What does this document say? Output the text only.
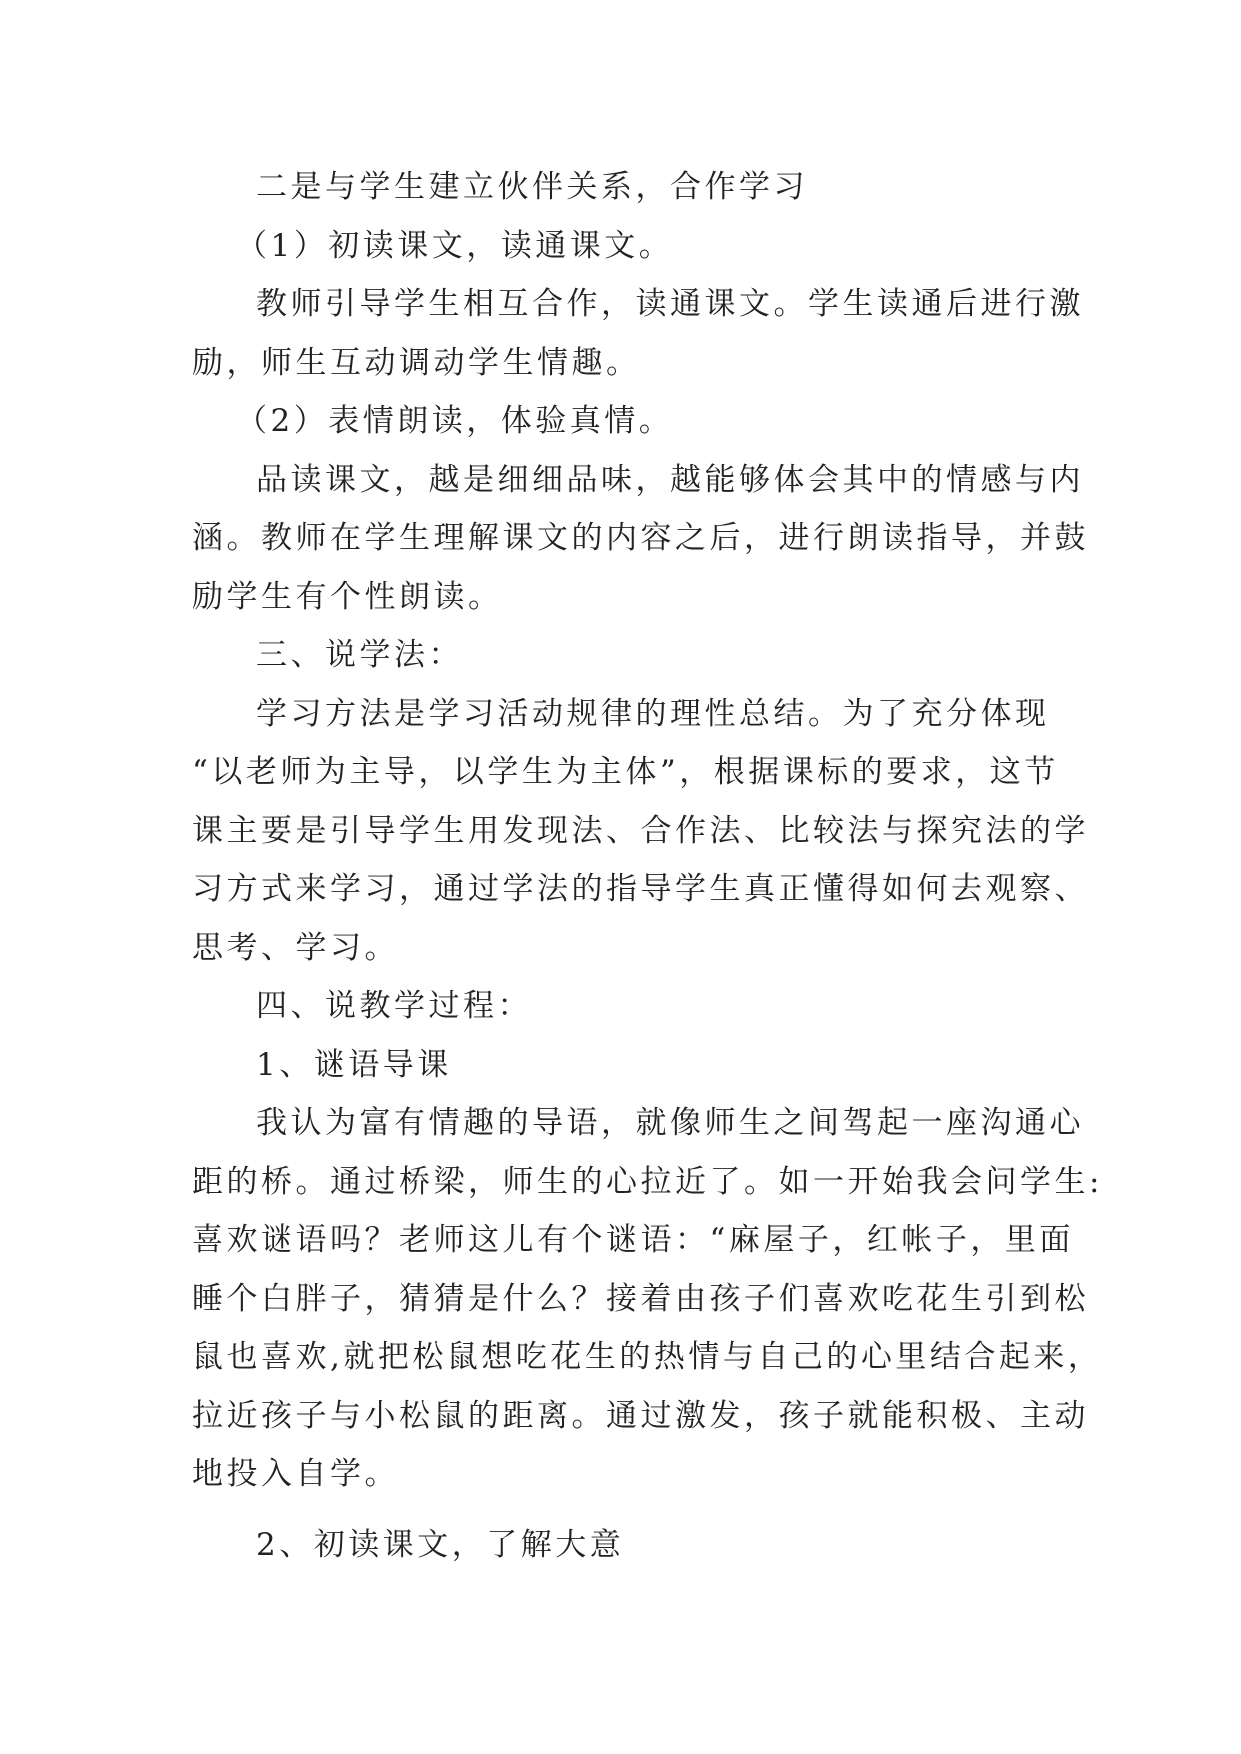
二是与学生建立伙伴关系，合作学习

（1）初读课文，读通课文。

教师引导学生相互合作，读通课文。学生读通后进行激
励，师生互动调动学生情趣。

（2）表情朗读，体验真情。

品读课文，越是细细品味，越能够体会其中的情感与内
涵。教师在学生理解课文的内容之后，进行朗读指导，并鼓
励学生有个性朗读。

三、说学法：

学习方法是学习活动规律的理性总结。为了充分体现
“以老师为主导，以学生为主体”，根据课标的要求，这节
课主要是引导学生用发现法、合作法、比较法与探究法的学
习方式来学习，通过学法的指导学生真正懂得如何去观察、
思考、学习。

四、说教学过程：

1、谜语导课

我认为富有情趣的导语，就像师生之间驾起一座沟通心
距的桥。通过桥梁，师生的心拉近了。如一开始我会问学生:
喜欢谜语吗？老师这儿有个谜语：“麻屋子，红帐子，里面
睡个白胖子，猜猜是什么？接着由孩子们喜欢吃花生引到松
鼠也喜欢,就把松鼠想吃花生的热情与自己的心里结合起来，
拉近孩子与小松鼠的距离。通过激发，孩子就能积极、主动
地投入自学。

2、初读课文，了解大意
